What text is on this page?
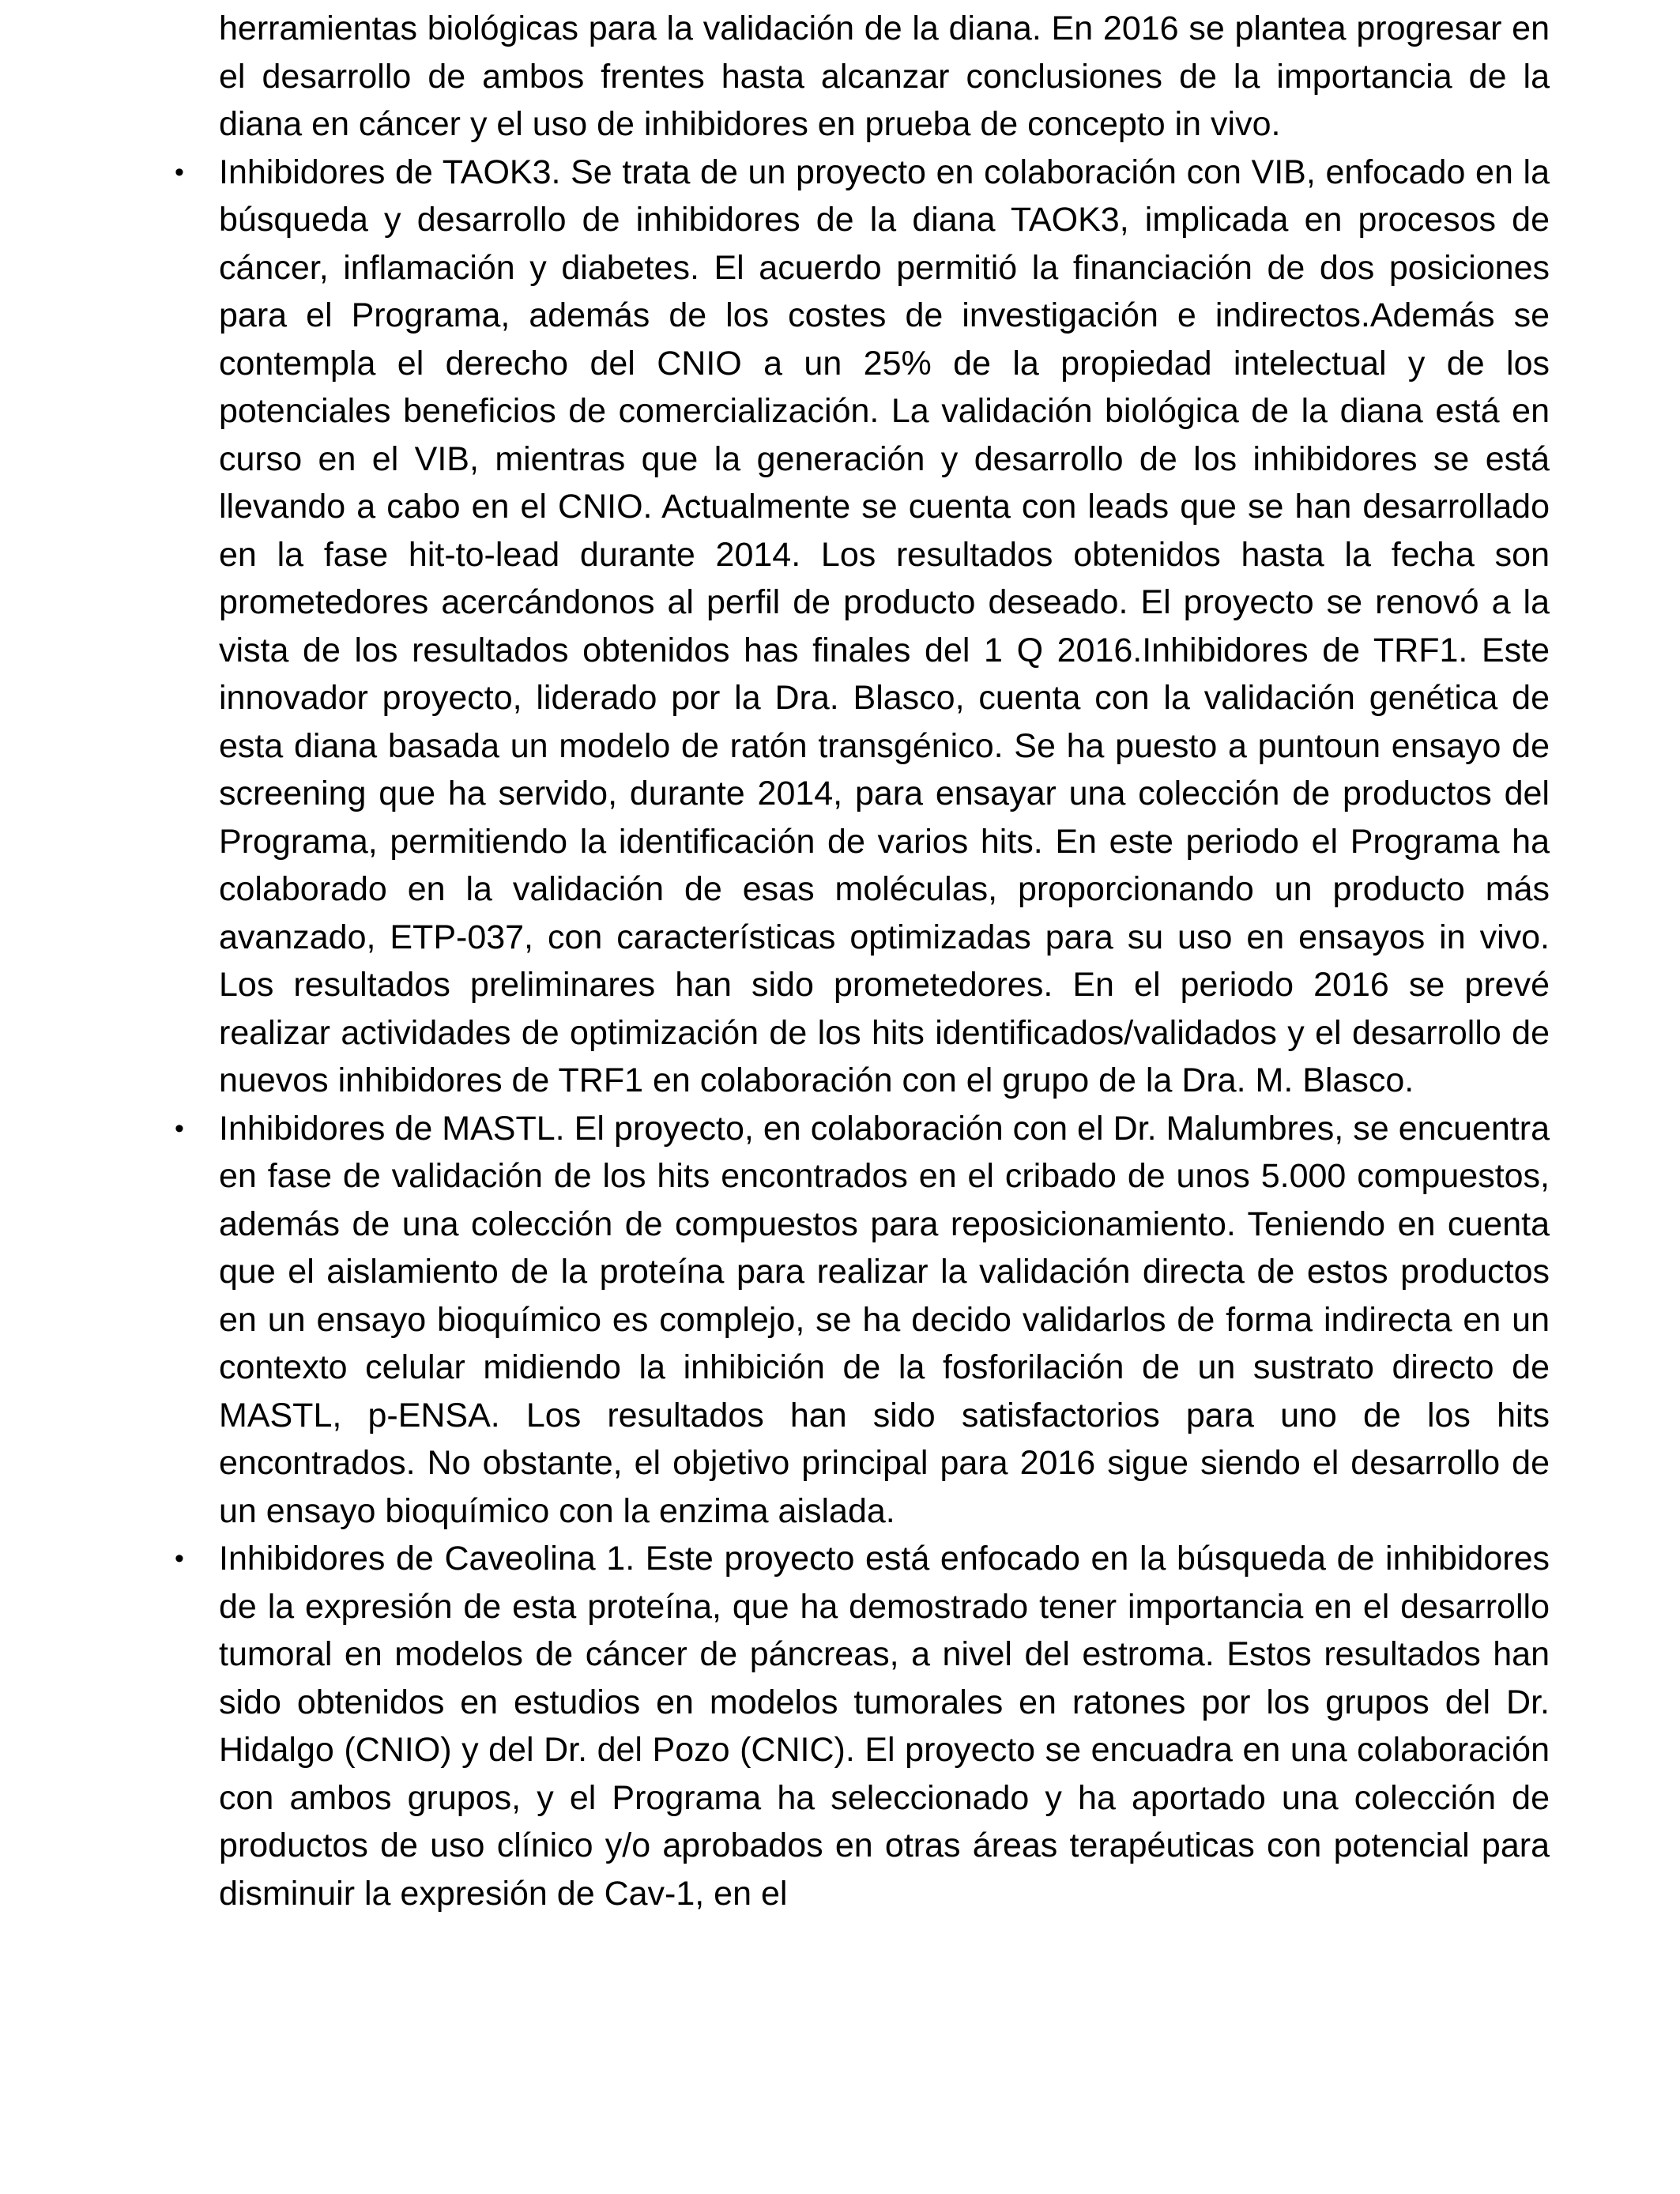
herramientas biológicas para la validación de la diana. En 2016 se plantea progresar en el desarrollo de ambos frentes hasta alcanzar conclusiones de la importancia de la diana en cáncer y el uso de inhibidores en prueba de concepto in vivo.

•	Inhibidores de TAOK3. Se trata de un proyecto en colaboración con VIB, enfocado en la búsqueda y desarrollo de inhibidores de la diana TAOK3, implicada en procesos de cáncer, inflamación y diabetes. El acuerdo permitió la financiación de dos posiciones para el Programa, además de los costes de investigación e indirectos.Además se contempla el derecho del CNIO a un 25% de la propiedad intelectual y de los potenciales beneficios de comercialización. La validación biológica de la diana está en curso en el VIB, mientras que la generación y desarrollo de los inhibidores se está llevando a cabo en el CNIO. Actualmente se cuenta con leads que se han desarrollado en la fase hit-to-lead durante 2014. Los resultados obtenidos hasta la fecha son prometedores acercándonos al perfil de producto deseado. El proyecto se renovó a la vista de los resultados obtenidos has finales del 1 Q 2016.Inhibidores de TRF1. Este innovador proyecto, liderado por la Dra. Blasco, cuenta con la validación genética de esta diana basada un modelo de ratón transgénico. Se ha puesto a puntoun ensayo de screening que ha servido, durante 2014, para ensayar una colección de productos del Programa, permitiendo la identificación de varios hits. En este periodo el Programa ha colaborado en la validación de esas moléculas, proporcionando un producto más avanzado, ETP-037, con características optimizadas para su uso en ensayos in vivo. Los resultados preliminares han sido prometedores. En el periodo 2016 se prevé realizar actividades de optimización de los hits identificados/validados y el desarrollo de nuevos inhibidores de TRF1 en colaboración con el grupo de la Dra. M. Blasco.
•	Inhibidores de MASTL. El proyecto, en colaboración con el Dr. Malumbres, se encuentra en fase de validación de los hits encontrados en el cribado de unos 5.000 compuestos, además de una colección de compuestos para reposicionamiento. Teniendo en cuenta que el aislamiento de la proteína para realizar la validación directa de estos productos en un ensayo bioquímico es complejo, se ha decido validarlos de forma indirecta en un contexto celular midiendo la inhibición de la fosforilación de un sustrato directo de MASTL, p-ENSA. Los resultados han sido satisfactorios para uno de los hits encontrados. No obstante, el objetivo principal para 2016 sigue siendo el desarrollo de un ensayo bioquímico con la enzima aislada.
•	Inhibidores de Caveolina 1. Este proyecto está enfocado en la búsqueda de inhibidores de la expresión de esta proteína, que ha demostrado tener importancia en el desarrollo tumoral en modelos de cáncer de páncreas, a nivel del estroma. Estos resultados han sido obtenidos en estudios en modelos tumorales en ratones por los grupos del Dr. Hidalgo (CNIO) y del Dr. del Pozo (CNIC). El proyecto se encuadra en una colaboración con ambos grupos, y el Programa ha seleccionado y ha aportado una colección de productos de uso clínico y/o aprobados en otras áreas terapéuticas con potencial para disminuir la expresión de Cav-1, en el
